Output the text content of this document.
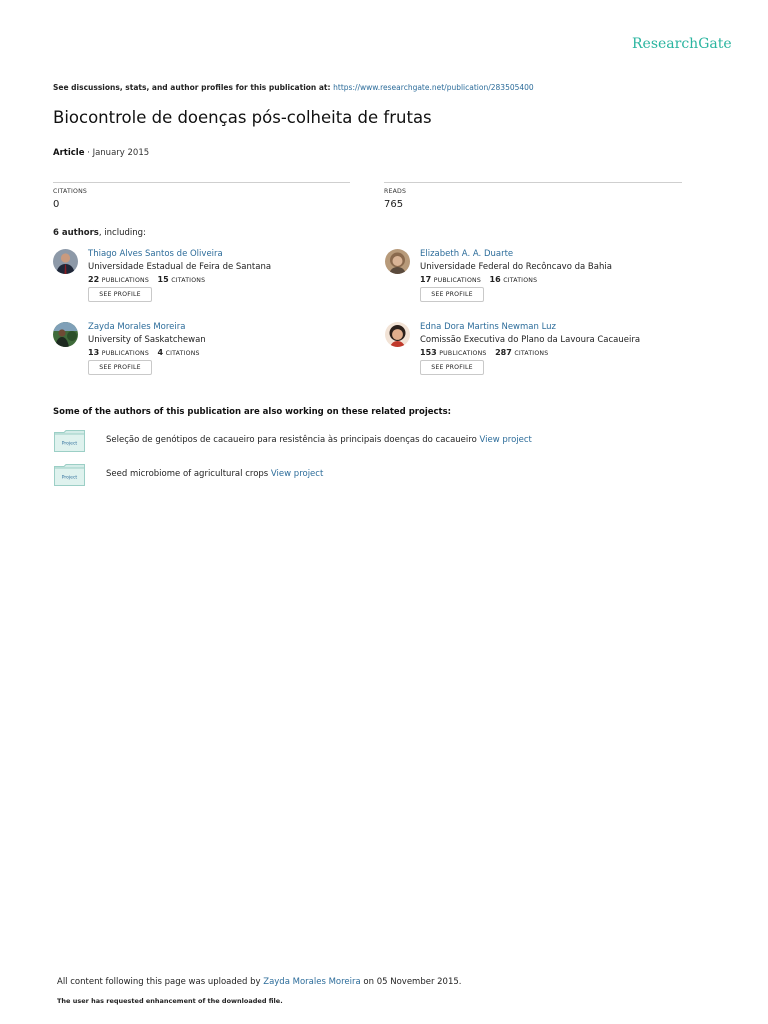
ResearchGate
See discussions, stats, and author profiles for this publication at: https://www.researchgate.net/publication/283505400
Biocontrole de doenças pós-colheita de frutas
Article · January 2015
CITATIONS
0
READS
765
6 authors, including:
Thiago Alves Santos de Oliveira
Universidade Estadual de Feira de Santana
22 PUBLICATIONS 15 CITATIONS
SEE PROFILE
Elizabeth A. A. Duarte
Universidade Federal do Recôncavo da Bahia
17 PUBLICATIONS 16 CITATIONS
SEE PROFILE
Zayda Morales Moreira
University of Saskatchewan
13 PUBLICATIONS 4 CITATIONS
SEE PROFILE
Edna Dora Martins Newman Luz
Comissão Executiva do Plano da Lavoura Cacaueira
153 PUBLICATIONS 287 CITATIONS
SEE PROFILE
Some of the authors of this publication are also working on these related projects:
Project	Seleção de genótipos de cacaueiro para resistência às principais doenças do cacaueiro View project
Project	Seed microbiome of agricultural crops View project
All content following this page was uploaded by Zayda Morales Moreira on 05 November 2015.
The user has requested enhancement of the downloaded file.
